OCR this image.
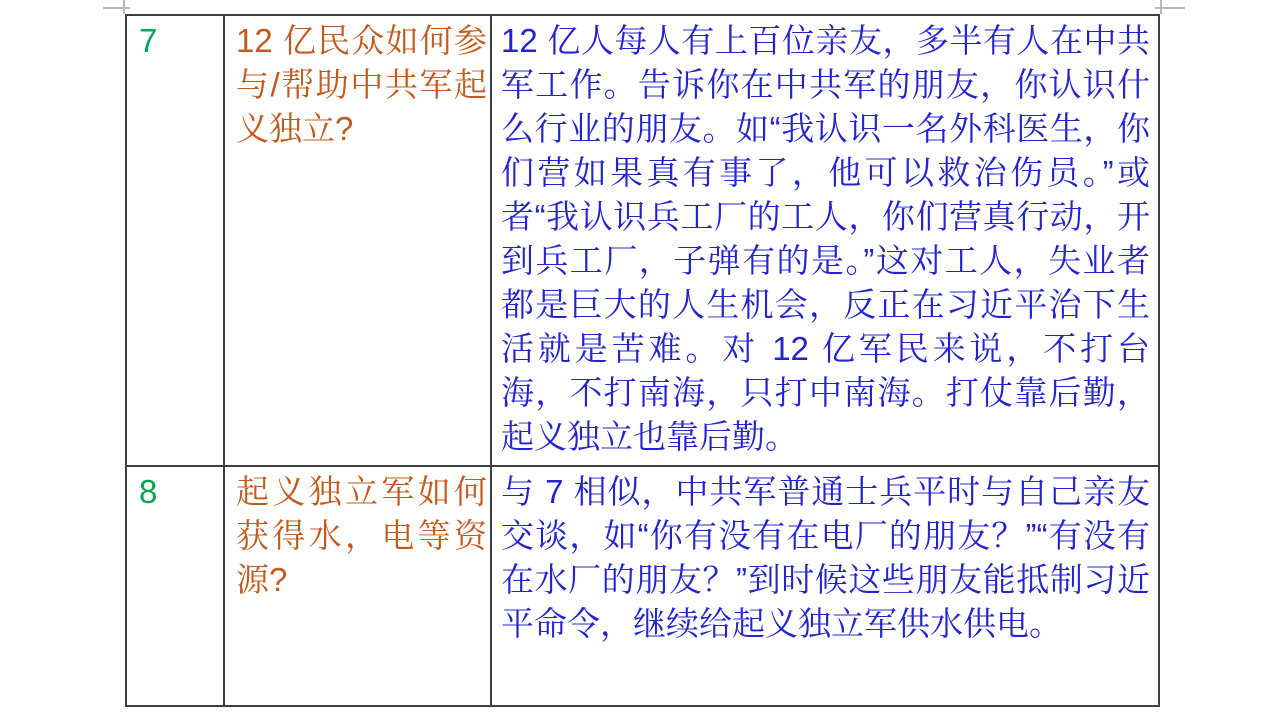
7	12 亿民众如何参与/帮助中共军起义独立?
12 亿人每人有上百位亲友，多半有人在中共军工作。告诉你在中共军的朋友，你认识什么行业的朋友。如“我认识一名外科医生，你们营如果真有事了，他可以救治伤员。”或者“我认识兵工厂的工人，你们营真行动，开到兵工厂，子弹有的是。”这对工人，失业者都是巨大的人生机会，反正在习近平治下生活就是苦难。对 12 亿军民来说，不打台海，不打南海，只打中南海。打仗靠后勤，起义独立也靠后勤。
8	起义独立军如何获得水，电等资源?
与 7 相似，中共军普通士兵平时与自己亲友交谈，如“你有没有在电厂的朋友？”“有没有在水厂的朋友？”到时候这些朋友能抵制习近平命令，继续给起义独立军供水供电。
